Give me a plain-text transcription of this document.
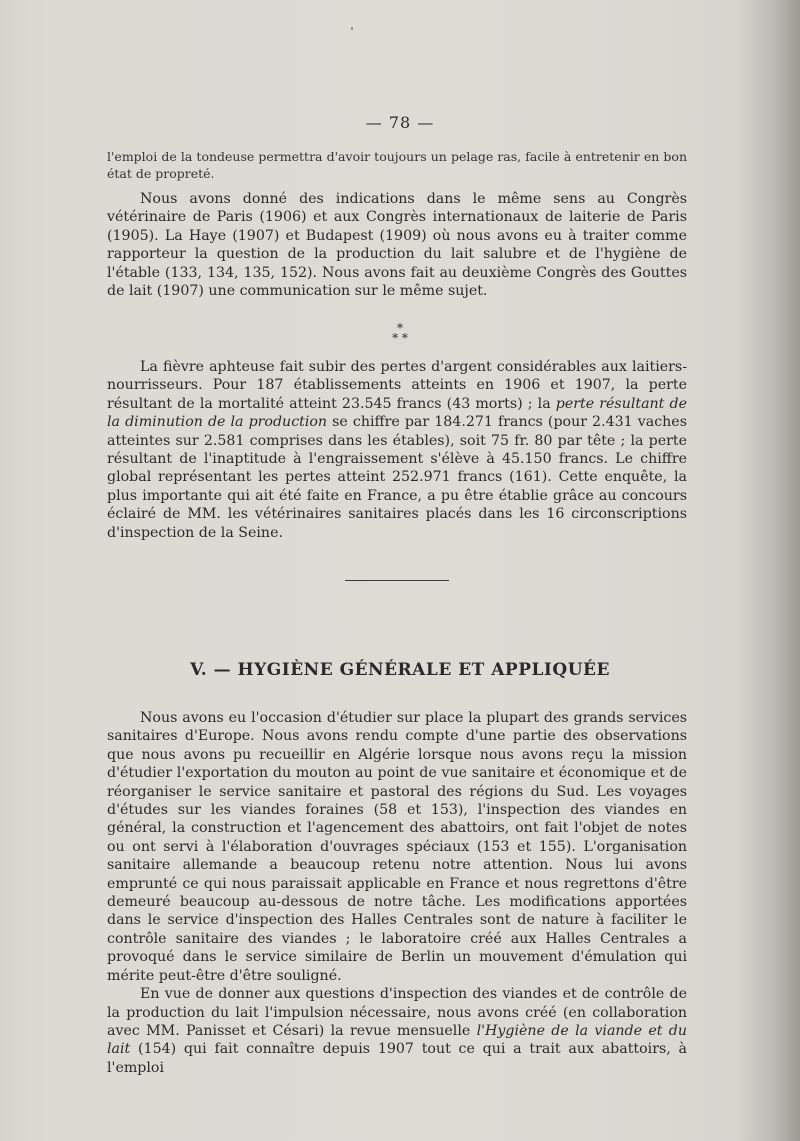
— 78 —

l'emploi de la tondeuse permettra d'avoir toujours un pelage ras, facile à entretenir en bon état de propreté.

Nous avons donné des indications dans le même sens au Congrès vétérinaire de Paris (1906) et aux Congrès internationaux de laiterie de Paris (1905). La Haye (1907) et Budapest (1909) où nous avons eu à traiter comme rapporteur la question de la production du lait salubre et de l'hygiène de l'étable (133, 134, 135, 152). Nous avons fait au deuxième Congrès des Gouttes de lait (1907) une communication sur le même sujet.

*
* *

La fièvre aphteuse fait subir des pertes d'argent considérables aux laitiers-nourrisseurs. Pour 187 établissements atteints en 1906 et 1907, la perte résultant de la mortalité atteint 23.545 francs (43 morts) ; la perte résultant de la diminution de la production se chiffre par 184.271 francs (pour 2.431 vaches atteintes sur 2.581 comprises dans les étables), soit 75 fr. 80 par tête ; la perte résultant de l'inaptitude à l'engraissement s'élève à 45.150 francs. Le chiffre global représentant les pertes atteint 252.971 francs (161). Cette enquête, la plus importante qui ait été faite en France, a pu être établie grâce au concours éclairé de MM. les vétérinaires sanitaires placés dans les 16 circonscriptions d'inspection de la Seine.

V. — HYGIÈNE GÉNÉRALE ET APPLIQUÉE

Nous avons eu l'occasion d'étudier sur place la plupart des grands services sanitaires d'Europe. Nous avons rendu compte d'une partie des observations que nous avons pu recueillir en Algérie lorsque nous avons reçu la mission d'étudier l'exportation du mouton au point de vue sanitaire et économique et de réorganiser le service sanitaire et pastoral des régions du Sud. Les voyages d'études sur les viandes foraines (58 et 153), l'inspection des viandes en général, la construction et l'agencement des abattoirs, ont fait l'objet de notes ou ont servi à l'élaboration d'ouvrages spéciaux (153 et 155). L'organisation sanitaire allemande a beaucoup retenu notre attention. Nous lui avons emprunté ce qui nous paraissait applicable en France et nous regrettons d'être demeuré beaucoup au-dessous de notre tâche. Les modifications apportées dans le service d'inspection des Halles Centrales sont de nature à faciliter le contrôle sanitaire des viandes ; le laboratoire créé aux Halles Centrales a provoqué dans le service similaire de Berlin un mouvement d'émulation qui mérite peut-être d'être souligné.

En vue de donner aux questions d'inspection des viandes et de contrôle de la production du lait l'impulsion nécessaire, nous avons créé (en collaboration avec MM. Panisset et Césari) la revue mensuelle l'Hygiène de la viande et du lait (154) qui fait connaître depuis 1907 tout ce qui a trait aux abattoirs, à l'emploi
